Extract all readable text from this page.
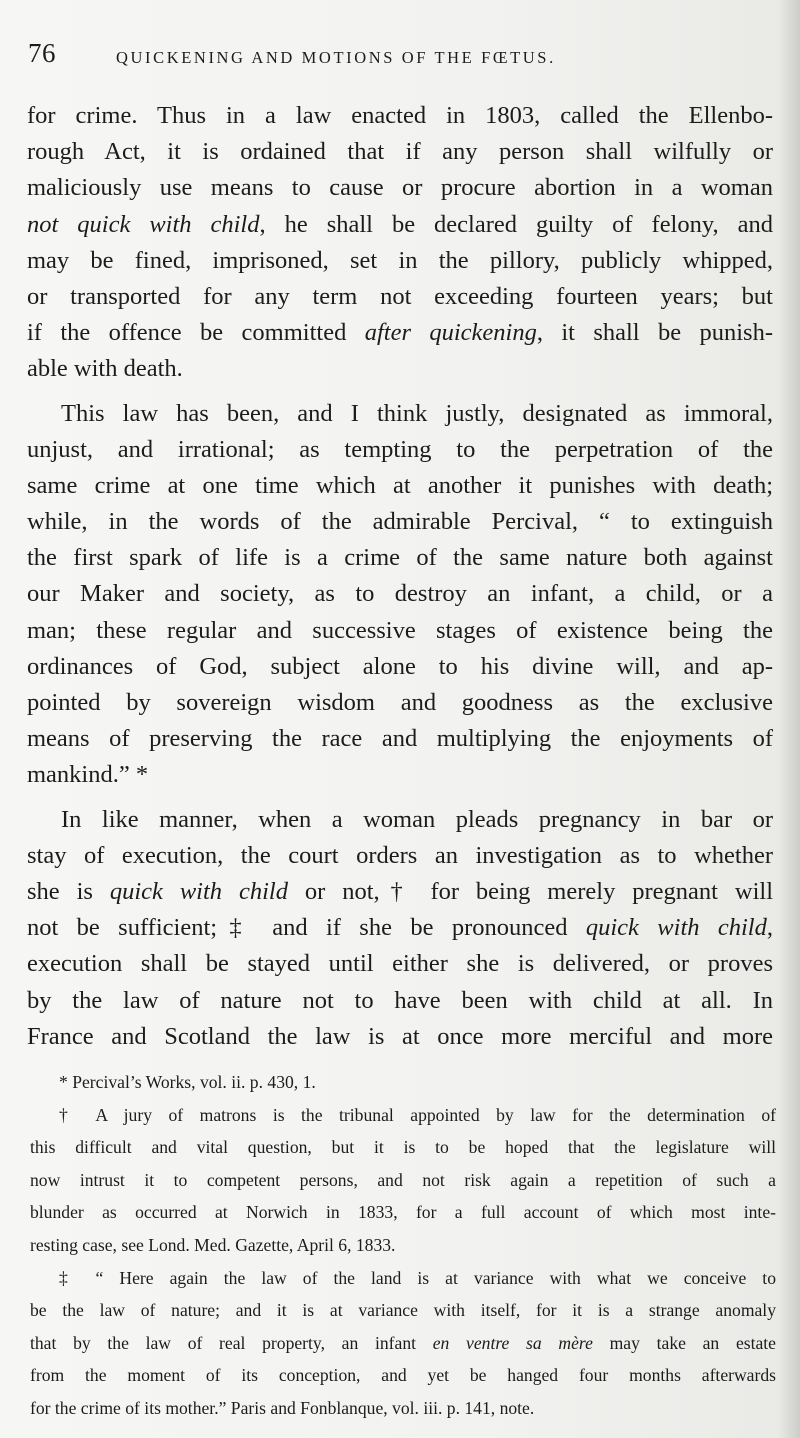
76	QUICKENING AND MOTIONS OF THE FŒTUS.
for crime. Thus in a law enacted in 1803, called the Ellenbo-
rough Act, it is ordained that if any person shall wilfully or
maliciously use means to cause or procure abortion in a woman
not quick with child, he shall be declared guilty of felony, and
may be fined, imprisoned, set in the pillory, publicly whipped,
or transported for any term not exceeding fourteen years; but
if the offence be committed after quickening, it shall be punish-
able with death.
This law has been, and I think justly, designated as immoral,
unjust, and irrational; as tempting to the perpetration of the
same crime at one time which at another it punishes with death;
while, in the words of the admirable Percival, “ to extinguish
the first spark of life is a crime of the same nature both against
our Maker and society, as to destroy an infant, a child, or a
man; these regular and successive stages of existence being the
ordinances of God, subject alone to his divine will, and ap-
pointed by sovereign wisdom and goodness as the exclusive
means of preserving the race and multiplying the enjoyments of
mankind.” *
In like manner, when a woman pleads pregnancy in bar or
stay of execution, the court orders an investigation as to whether
she is quick with child or not,† for being merely pregnant will
not be sufficient;‡ and if she be pronounced quick with child,
execution shall be stayed until either she is delivered, or proves
by the law of nature not to have been with child at all. In
France and Scotland the law is at once more merciful and more
* Percival’s Works, vol. ii. p. 430, 1.
† A jury of matrons is the tribunal appointed by law for the determination of
this difficult and vital question, but it is to be hoped that the legislature will
now intrust it to competent persons, and not risk again a repetition of such a
blunder as occurred at Norwich in 1833, for a full account of which most inte-
resting case, see Lond. Med. Gazette, April 6, 1833.
‡ “ Here again the law of the land is at variance with what we conceive to
be the law of nature; and it is at variance with itself, for it is a strange anomaly
that by the law of real property, an infant en ventre sa mère may take an estate
from the moment of its conception, and yet be hanged four months afterwards
for the crime of its mother.” Paris and Fonblanque, vol. iii. p. 141, note.
